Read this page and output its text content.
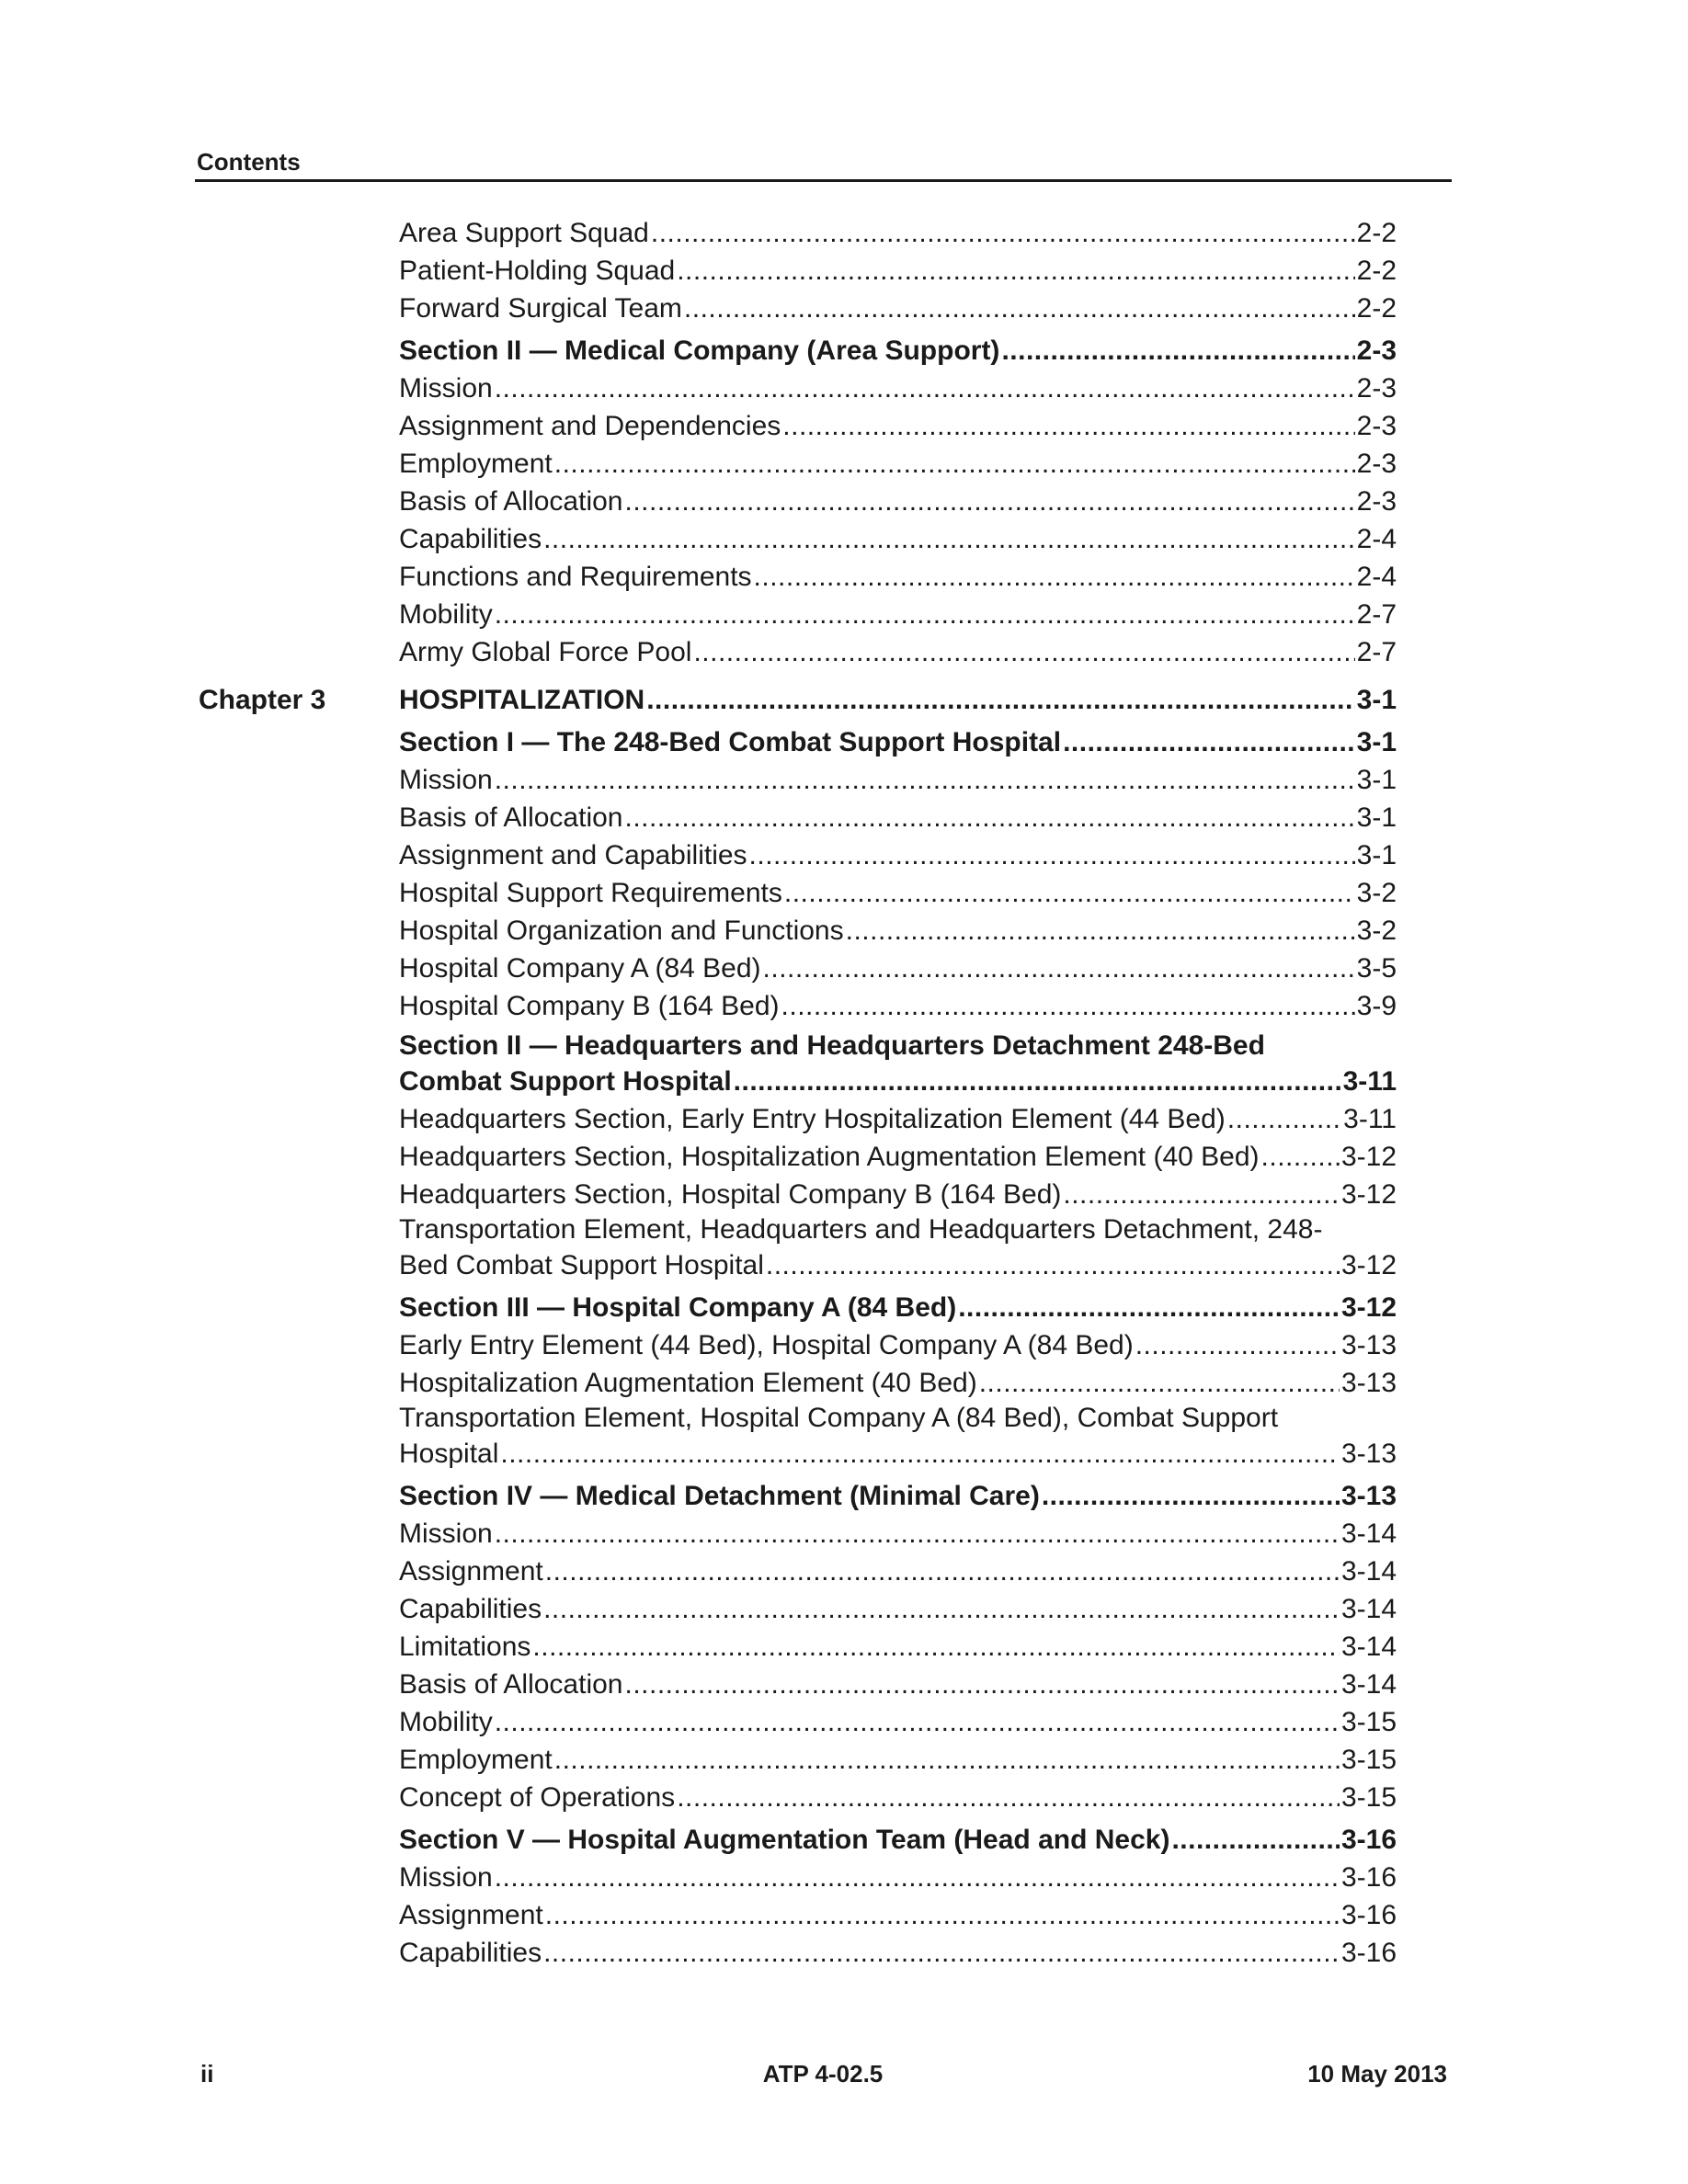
Contents
Area Support Squad .....	2-2
Patient-Holding Squad .....	2-2
Forward Surgical Team .....	2-2
Section II — Medical Company (Area Support) .....	2-3
Mission .....	2-3
Assignment and Dependencies .....	2-3
Employment .....	2-3
Basis of Allocation .....	2-3
Capabilities .....	2-4
Functions and Requirements .....	2-4
Mobility .....	2-7
Army Global Force Pool .....	2-7
Chapter 3	HOSPITALIZATION .....	3-1
Section I — The 248-Bed Combat Support Hospital .....	3-1
Mission .....	3-1
Basis of Allocation .....	3-1
Assignment and Capabilities .....	3-1
Hospital Support Requirements .....	3-2
Hospital Organization and Functions .....	3-2
Hospital Company A (84 Bed) .....	3-5
Hospital Company B (164 Bed) .....	3-9
Section II — Headquarters and Headquarters Detachment 248-Bed
Combat Support Hospital .....	3-11
Headquarters Section, Early Entry Hospitalization Element (44 Bed) .....	3-11
Headquarters Section, Hospitalization Augmentation Element (40 Bed) .....	3-12
Headquarters Section, Hospital Company B (164 Bed) .....	3-12
Transportation Element, Headquarters and Headquarters Detachment, 248-
Bed Combat Support Hospital .....	3-12
Section III — Hospital Company A (84 Bed) .....	3-12
Early Entry Element (44 Bed), Hospital Company A (84 Bed) .....	3-13
Hospitalization Augmentation Element (40 Bed) .....	3-13
Transportation Element, Hospital Company A (84 Bed), Combat Support
Hospital .....	3-13
Section IV — Medical Detachment (Minimal Care) .....	3-13
Mission .....	3-14
Assignment .....	3-14
Capabilities .....	3-14
Limitations .....	3-14
Basis of Allocation .....	3-14
Mobility .....	3-15
Employment .....	3-15
Concept of Operations .....	3-15
Section V — Hospital Augmentation Team (Head and Neck) .....	3-16
Mission .....	3-16
Assignment .....	3-16
Capabilities .....	3-16
ii	ATP 4-02.5	10 May 2013
